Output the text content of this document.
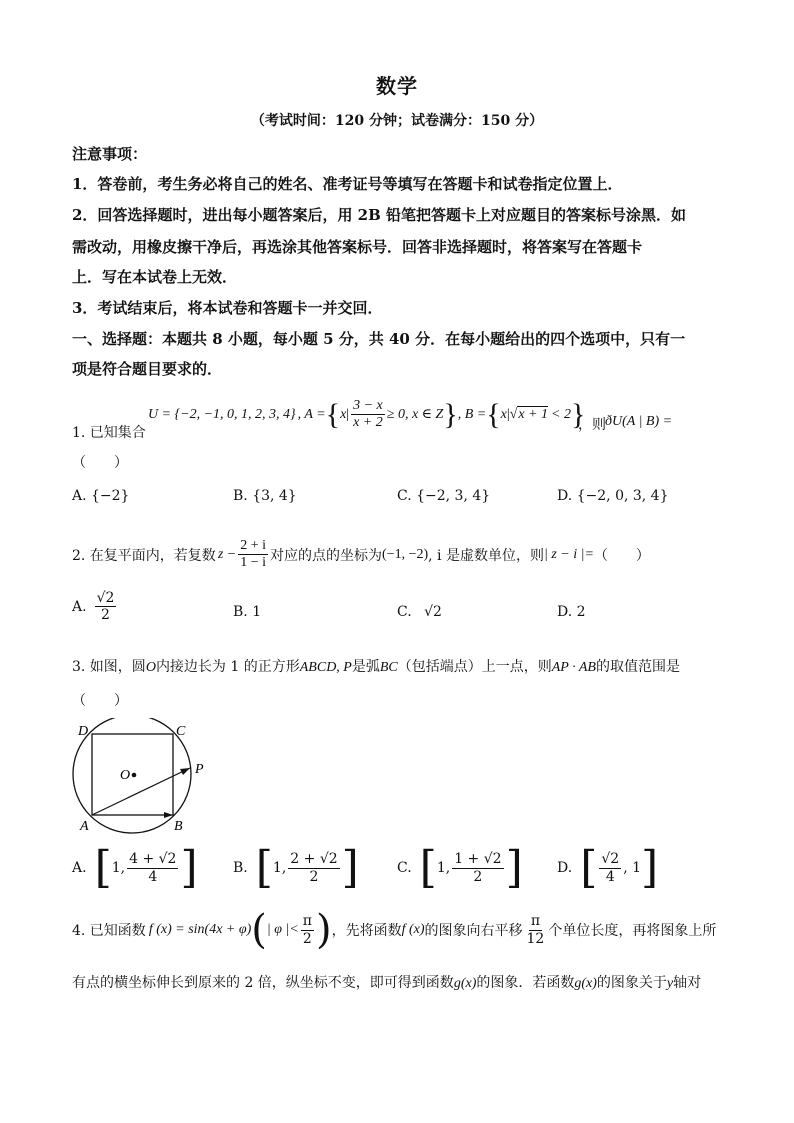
数学
（考试时间：120 分钟；试卷满分：150 分）
注意事项：
1．答卷前，考生务必将自己的姓名、准考证号等填写在答题卡和试卷指定位置上．
2．回答选择题时，进出每小题答案后，用 2B 铅笔把答题卡上对应题目的答案标号涂黑．如
需改动，用橡皮擦干净后，再选涂其他答案标号．回答非选择题时，将答案写在答题卡
上．写在本试卷上无效．
3．考试结束后，将本试卷和答题卡一并交回．
一、选择题：本题共 8 小题，每小题 5 分，共 40 分．在每小题给出的四个选项中，只有一
项是符合题目要求的．
1. 已知集合
U = {−2, −1, 0, 1, 2, 3, 4} , A = { x | $\frac{3 - x}{x + 2} \ge 0$, x ∈ Z } , B = { x | √ x + 1 < 2 }
，则 ðU(A | B) =
（　　）
A. {−2}	B. {3, 4}	C. {−2, 3, 4}	D. {−2, 0, 3, 4}
2. 在复平面内，若复数 $z - \frac{2 + i}{1 - i}$ 对应的点的坐标为 (−1, −2) , i 是虚数单位，则 | z − i |= （　　）
A. $\frac{√2}{2}$	B. 1	C. √2	D. 2
3. 如图，圆O内接边长为 1 的正方形ABCD, P是弧BC（包括端点）上一点，则AP · AB的取值范围是
（　　）
D	C
O	P
A	B
A. [ 1, $\frac{4 + √2}{4}$ ]	B. [ 1, $\frac{2 + √2}{2}$ ]	C. [ 1, $\frac{1 + √2}{2}$ ] D. [ $\frac{√2}{4}$ , 1 ]
4. 已知函数 f (x) = sin(4x + φ) ( | φ |< $\frac{\pi}{2}$ ) ，先将函数 f (x) 的图象向右平移 $\frac{\pi}{12}$ 个单位长度，再将图象上所
有点的横坐标伸长到原来的 2 倍，纵坐标不变，即可得到函数g(x)的图象．若函数g(x)的图象关于y轴对
